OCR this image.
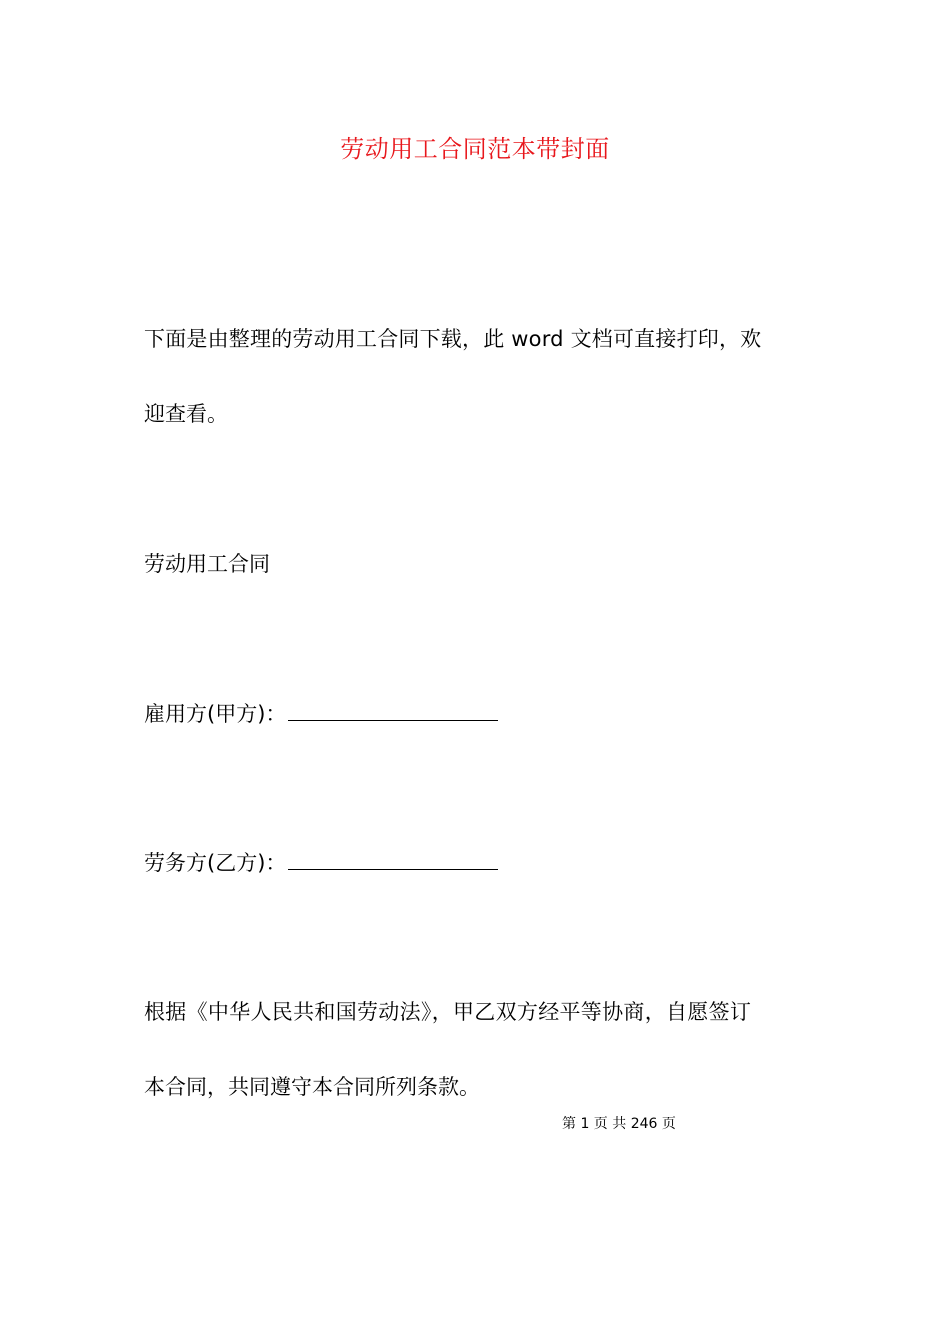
劳动用工合同范本带封面
下面是由整理的劳动用工合同下载，此 word 文档可直接打印，欢
迎查看。
劳动用工合同
雇用方(甲方)：
劳务方(乙方)：
根据《中华人民共和国劳动法》，甲乙双方经平等协商，自愿签订
本合同，共同遵守本合同所列条款。
第 1 页 共 246 页
